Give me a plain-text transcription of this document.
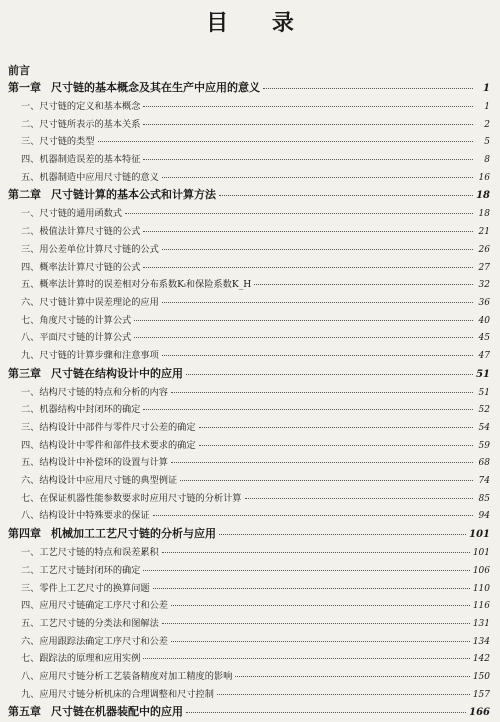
目 录
前言
第一章 尺寸链的基本概念及其在生产中应用的意义	1
一、尺寸链的定义和基本概念	1
二、尺寸链所表示的基本关系	2
三、尺寸链的类型	5
四、机器制造误差的基本特征	8
五、机器制造中应用尺寸链的意义	16
第二章 尺寸链计算的基本公式和计算方法	18
一、尺寸链的通用函数式	18
二、极值法计算尺寸链的公式	21
三、用公差单位计算尺寸链的公式	26
四、概率法计算尺寸链的公式	27
五、概率法计算时的误差相对分布系数Kᵢ和保险系数K_H	32
六、尺寸链计算中误差理论的应用	36
七、角度尺寸链的计算公式	40
八、平面尺寸链的计算公式	45
九、尺寸链的计算步骤和注意事项	47
第三章 尺寸链在结构设计中的应用	51
一、结构尺寸链的特点和分析的内容	51
二、机器结构中封闭环的确定	52
三、结构设计中部件与零件尺寸公差的确定	54
四、结构设计中零件和部件技术要求的确定	59
五、结构设计中补偿环的设置与计算	68
六、结构设计中应用尺寸链的典型例证	74
七、在保证机器性能参数要求时应用尺寸链的分析计算	85
八、结构设计中特殊要求的保证	94
第四章 机械加工工艺尺寸链的分析与应用	101
一、工艺尺寸链的特点和误差累积	101
二、工艺尺寸链封闭环的确定	106
三、零件上工艺尺寸的换算问题	110
四、应用尺寸链确定工序尺寸和公差	116
五、工艺尺寸链的分类法和图解法	131
六、应用跟踪法确定工序尺寸和公差	134
七、跟踪法的原理和应用实例	142
八、应用尺寸链分析工艺装备精度对加工精度的影响	150
九、应用尺寸链分析机床的合理调整和尺寸控制	157
第五章 尺寸链在机器装配中的应用	166
